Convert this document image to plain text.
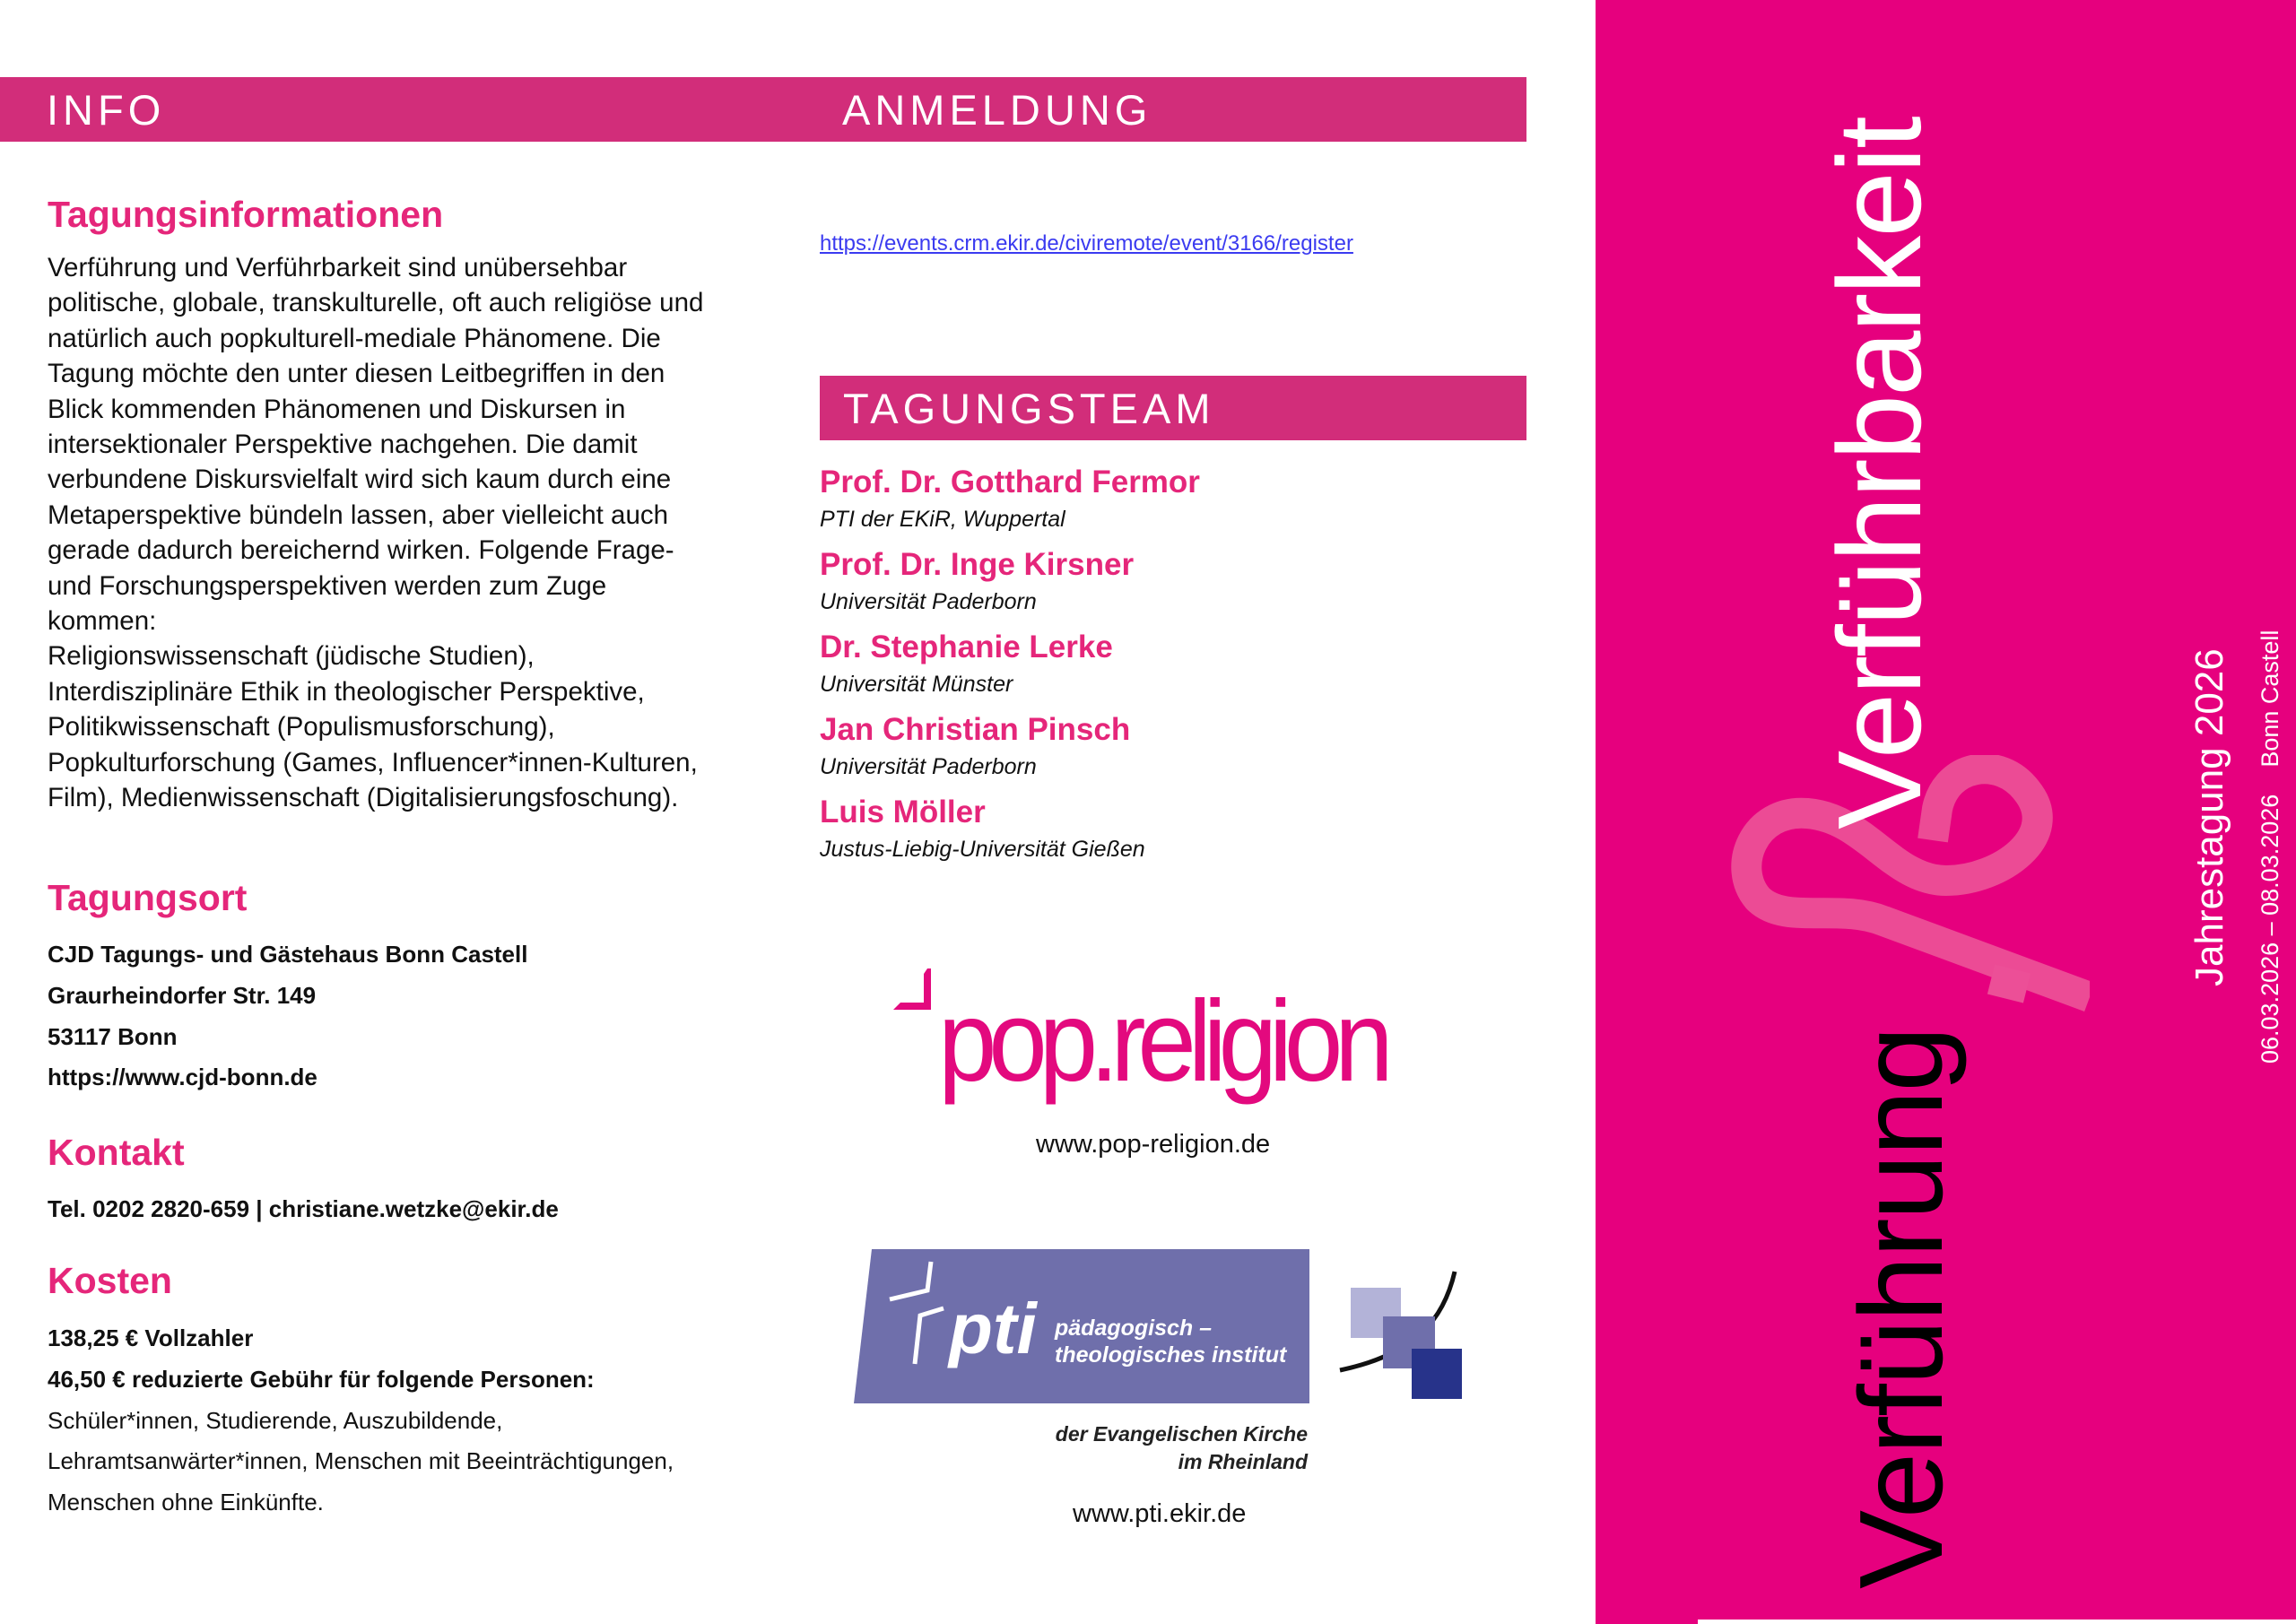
INFO	ANMELDUNG
Tagungsinformationen
Verführung und Verführbarkeit sind unübersehbar
politische, globale, transkulturelle, oft auch religiöse und
natürlich auch popkulturell-mediale Phänomene. Die
Tagung möchte den unter diesen Leitbegriffen in den
Blick kommenden Phänomenen und Diskursen in
intersektionaler Perspektive nachgehen. Die damit
verbundene Diskursvielfalt wird sich kaum durch eine
Metaperspektive bündeln lassen, aber vielleicht auch
gerade dadurch bereichernd wirken. Folgende Frage-
und Forschungsperspektiven werden zum Zuge
kommen:
Religionswissenschaft (jüdische Studien),
Interdisziplinäre Ethik in theologischer Perspektive,
Politikwissenschaft (Populismusforschung),
Popkulturforschung (Games, Influencer*innen-Kulturen,
Film), Medienwissenschaft (Digitalisierungsfoschung).
Tagungsort
CJD Tagungs- und Gästehaus Bonn Castell
Graurheindorfer Str. 149
53117 Bonn
https://www.cjd-bonn.de
Kontakt
Tel. 0202 2820-659 | christiane.wetzke@ekir.de
Kosten
138,25 € Vollzahler
46,50 € reduzierte Gebühr für folgende Personen:
Schüler*innen, Studierende, Auszubildende,
Lehramtsanwärter*innen, Menschen mit Beeinträchtigungen,
Menschen ohne Einkünfte.
https://events.crm.ekir.de/civiremote/event/3166/register
TAGUNGSTEAM
Prof. Dr. Gotthard Fermor
PTI der EKiR, Wuppertal
Prof. Dr. Inge Kirsner
Universität Paderborn
Dr. Stephanie Lerke
Universität Münster
Jan Christian Pinsch
Universität Paderborn
Luis Möller
Justus-Liebig-Universität Gießen
pop.religion
www.pop-religion.de
pti pädagogisch –
theologisches institut
der Evangelischen Kirche
im Rheinland
www.pti.ekir.de	Verführung
Verführbarkeit	Jahrestagung 2026 06.03.2026 – 08.03.2026    Bonn Castell
